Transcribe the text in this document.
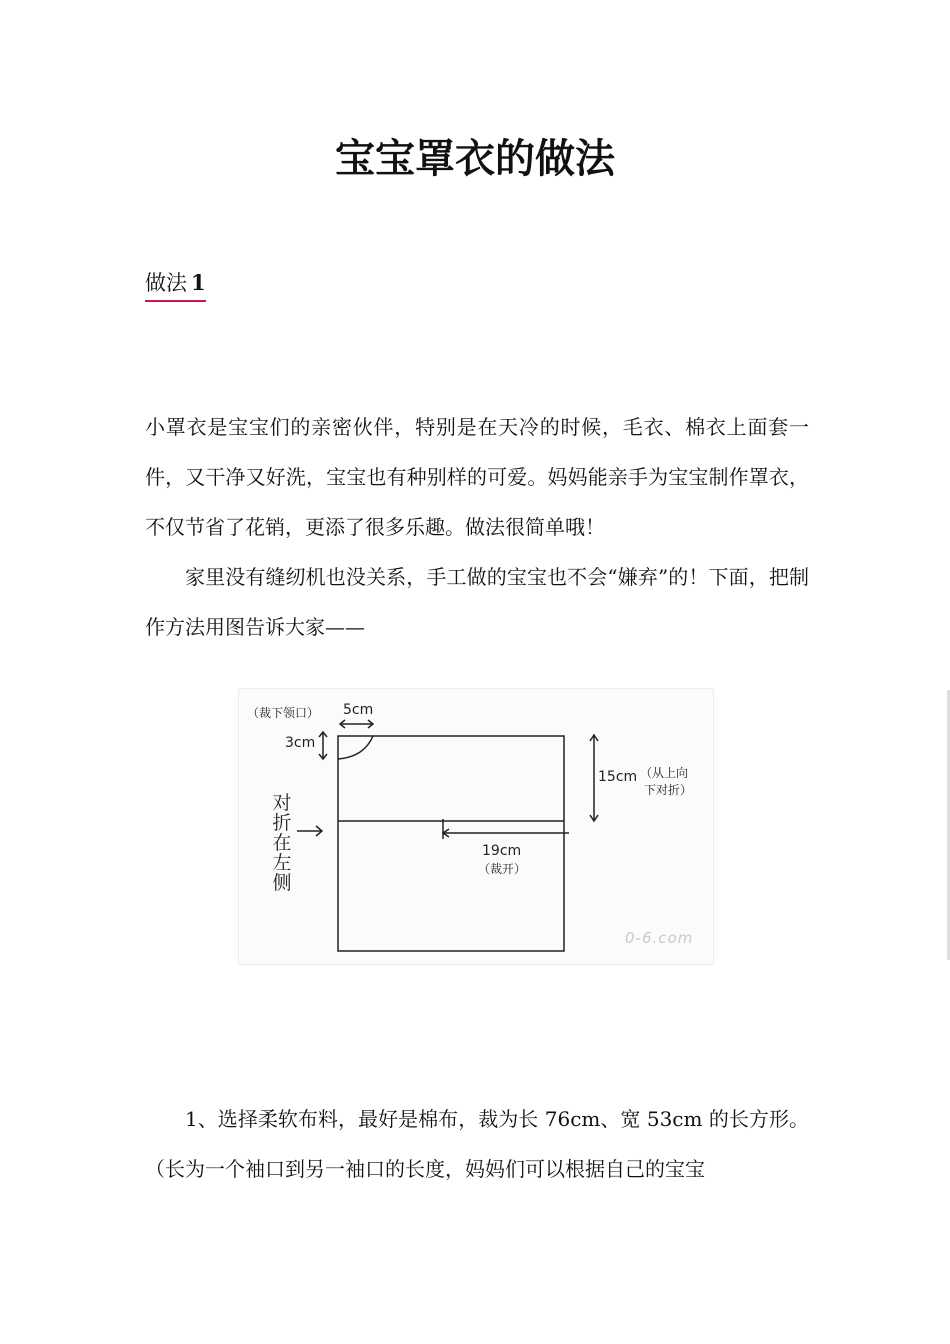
宝宝罩衣的做法
做法 1

小罩衣是宝宝们的亲密伙伴，特别是在天冷的时候，毛衣、棉衣上面套一件，又干净又好洗，宝宝也有种别样的可爱。妈妈能亲手为宝宝制作罩衣，不仅节省了花销，更添了很多乐趣。做法很简单哦！

家里没有缝纫机也没关系，手工做的宝宝也不会“嫌弃”的！下面，把制作方法用图告诉大家——

（裁下领口） 5cm
3cm
15cm （从上向
下对折）
19cm
（裁开）
对折在左侧
0-6.com

1、选择柔软布料，最好是棉布，裁为长 76cm、宽 53cm 的长方形。（长为一个袖口到另一袖口的长度，妈妈们可以根据自己的宝宝
